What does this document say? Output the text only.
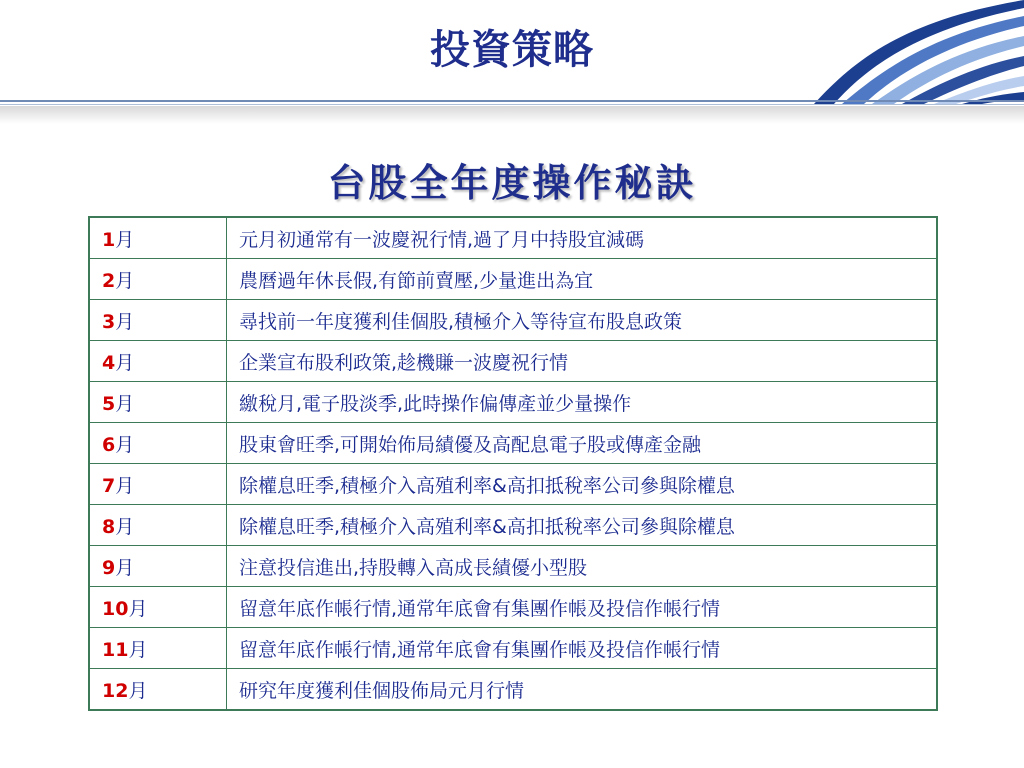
投資策略
台股全年度操作秘訣
1月	元月初通常有一波慶祝行情,過了月中持股宜減碼
2月	農曆過年休長假,有節前賣壓,少量進出為宜
3月	尋找前一年度獲利佳個股,積極介入等待宣布股息政策
4月	企業宣布股利政策,趁機賺一波慶祝行情
5月	繳稅月,電子股淡季,此時操作偏傳產並少量操作
6月	股東會旺季,可開始佈局績優及高配息電子股或傳產金融
7月	除權息旺季,積極介入高殖利率&高扣抵稅率公司參與除權息
8月	除權息旺季,積極介入高殖利率&高扣抵稅率公司參與除權息
9月	注意投信進出,持股轉入高成長績優小型股
10月	留意年底作帳行情,通常年底會有集團作帳及投信作帳行情
11月	留意年底作帳行情,通常年底會有集團作帳及投信作帳行情
12月	研究年度獲利佳個股佈局元月行情
